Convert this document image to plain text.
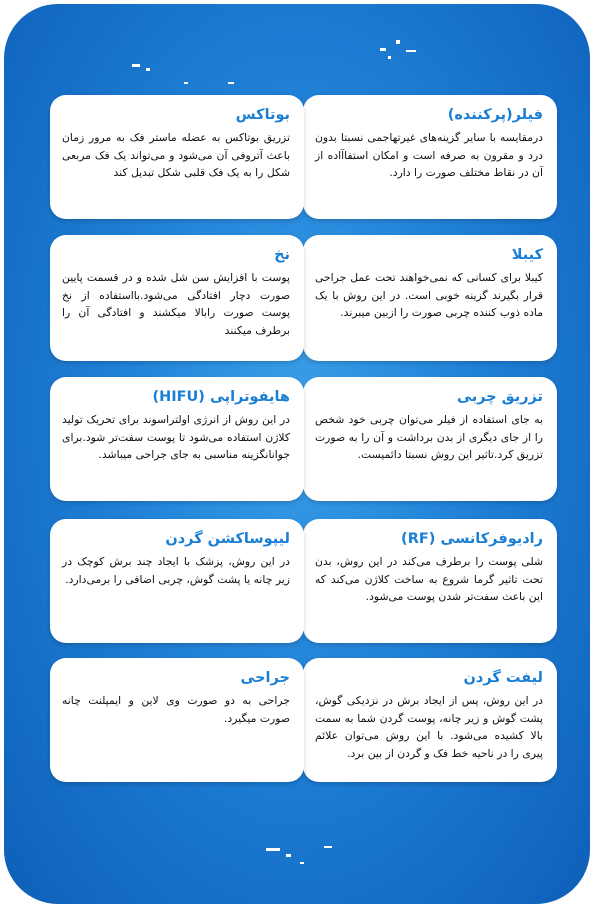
فیلر(پرکننده)

درمقایسه با سایر گزینه‌های غیرتهاجمی نسبتا بدون درد و مقرون به صرفه است و امکان استفاآاده از آن در نقاط مختلف صورت را دارد.

بوتاکس

تزریق بوتاکس به عضله ماستر فک به مرور زمان باعث آتروفی آن می‌شود و می‌تواند یک فک مربعی شکل را به یک فک قلبی شکل تبدیل کند

کیبلا

کیبلا برای کسانی که نمی‌خواهند تحت عمل جراحی قرار بگیرند گزینه خوبی است. در این روش با یک ماده ذوب کننده چربی صورت را ازبین میبرند.

نخ

پوست با افزایش سن شل شده و در قسمت پایین صورت دچار افتادگی می‌شود.بااستفاده از نخ پوست صورت رابالا میکشند و افتادگی آن را برطرف میکنند

تزریق چربی

به جای استفاده از فیلر می‌توان چربی خود شخص را از جای دیگری از بدن برداشت و آن را به صورت تزریق کرد.تاثیر این روش نسبتا دائمیست.

هایفوتراپی (HIFU)

در این روش از انرژی اولتراسوند برای تحریک تولید کلاژن استفاده می‌شود تا پوست سفت‌تر شود.برای جوانانگزینه مناسبی به جای جراحی میباشد.

رادیوفرکانسی (RF)

شلی پوست را برطرف می‌کند در این روش، بدن تحت تاثیر گرما شروع به ساخت کلاژن می‌کند که این باعث سفت‌تر شدن پوست می‌شود.

لیپوساکشن گردن

در این روش، پزشک با ایجاد چند برش کوچک در زیر چانه یا پشت گوش، چربی اضافی را برمی‌دارد.

لیفت گردن

در این روش، پس از ایجاد برش در نزدیکی گوش، پشت گوش و زیر چانه، پوست گردن شما به سمت بالا کشیده می‌شود. با این روش می‌توان علائم پیری را در ناحیه خط فک و گردن از بین برد.

جراحی

جراحی به دو صورت وی لاین و ایمپلنت چانه صورت میگیرد.
